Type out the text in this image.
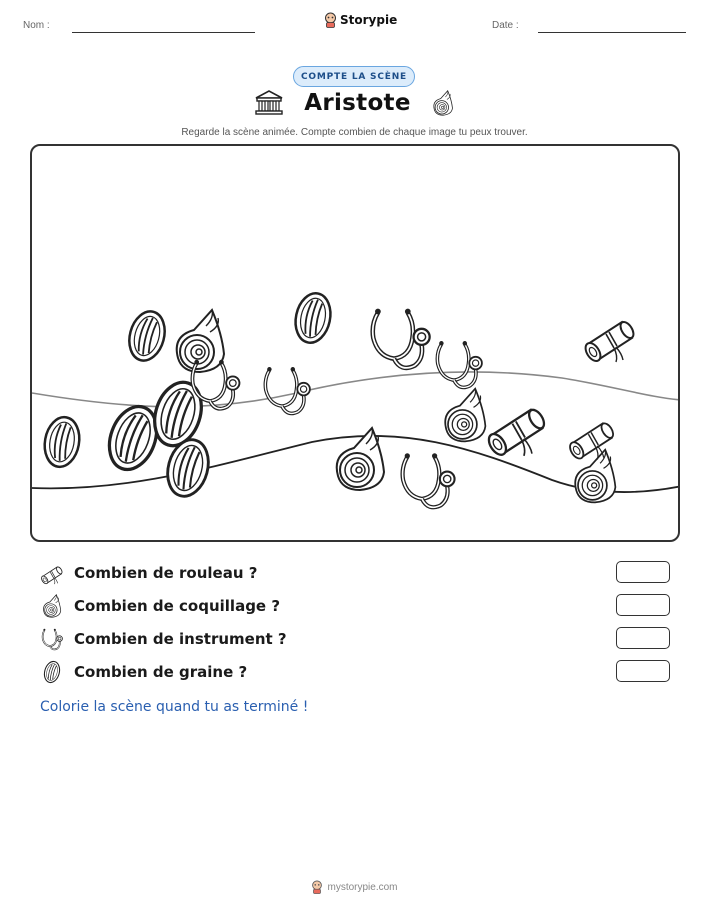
Nom :	Storypie	Date :
COMPTE LA SCÈNE
Aristote
Regarde la scène animée. Compte combien de chaque image tu peux trouver.
Combien de rouleau ?
Combien de coquillage ?
Combien de instrument ?
Combien de graine ?
Colorie la scène quand tu as terminé !
mystorypie.com
